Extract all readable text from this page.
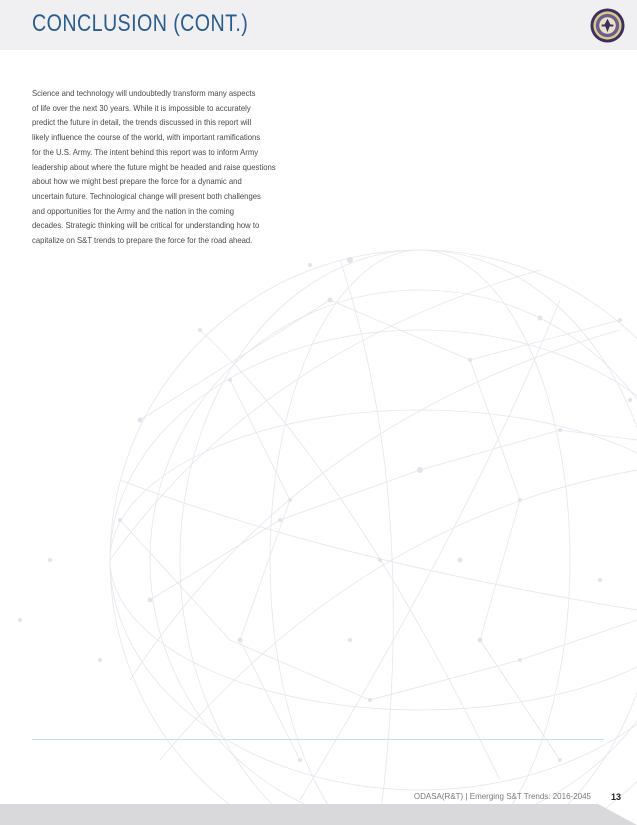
CONCLUSION (CONT.)
Science and technology will undoubtedly transform many aspects
of life over the next 30 years. While it is impossible to accurately
predict the future in detail, the trends discussed in this report will
likely influence the course of the world, with important ramifications
for the U.S. Army. The intent behind this report was to inform Army
leadership about where the future might be headed and raise questions
about how we might best prepare the force for a dynamic and
uncertain future. Technological change will present both challenges
and opportunities for the Army and the nation in the coming
decades. Strategic thinking will be critical for understanding how to
capitalize on S&T trends to prepare the force for the road ahead.
ODASA(R&T) | Emerging S&T Trends: 2016-2045 13
